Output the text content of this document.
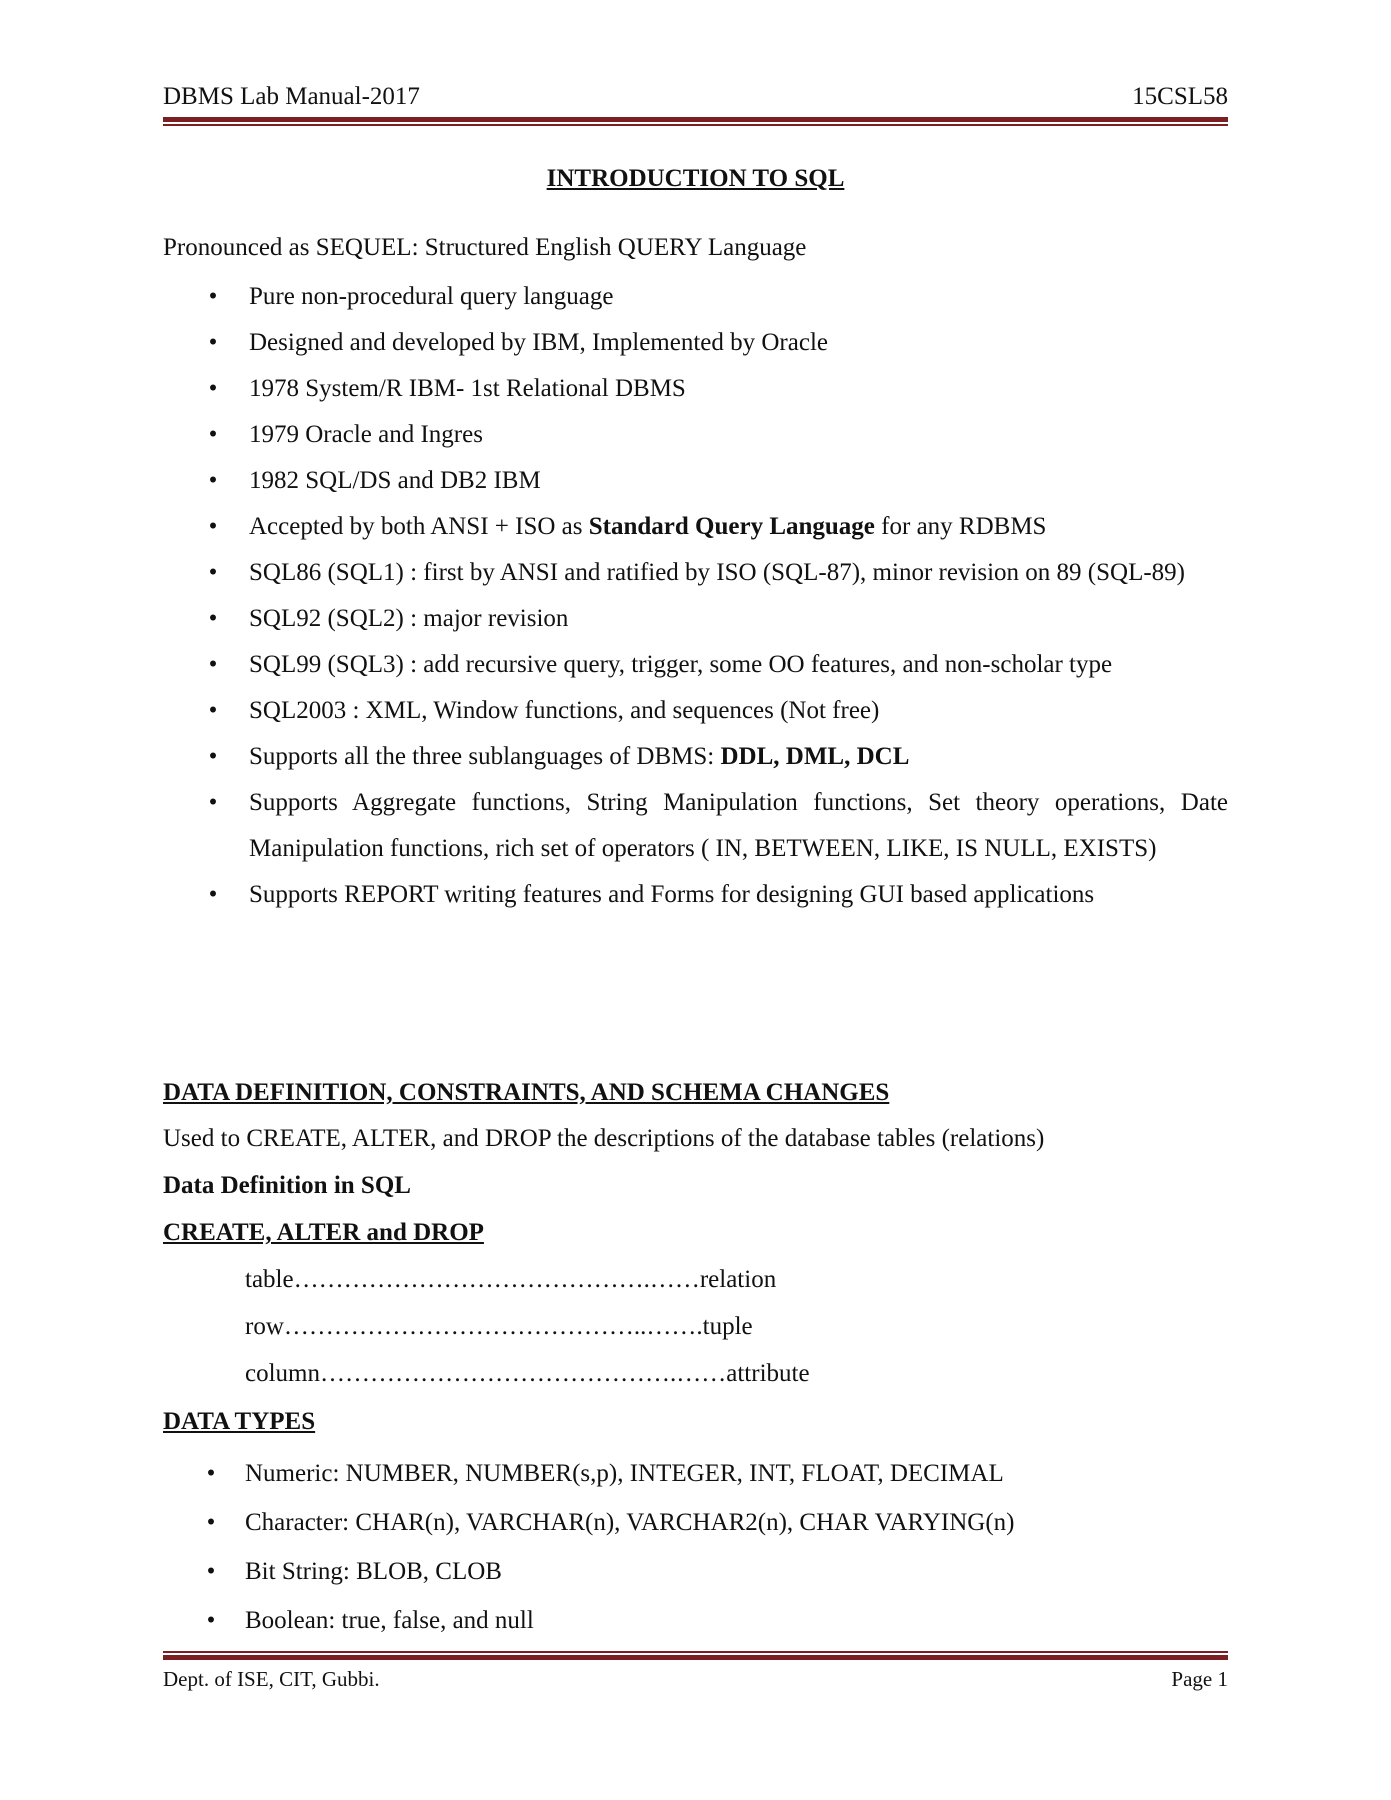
DBMS Lab Manual-2017	15CSL58
INTRODUCTION TO SQL
Pronounced as SEQUEL: Structured English QUERY Language
• Pure non-procedural query language
• Designed and developed by IBM, Implemented by Oracle
• 1978 System/R IBM- 1st Relational DBMS
• 1979 Oracle and Ingres
• 1982 SQL/DS and DB2 IBM
• Accepted by both ANSI + ISO as Standard Query Language for any RDBMS
• SQL86 (SQL1) : first by ANSI and ratified by ISO (SQL-87), minor revision on 89 (SQL-89)
• SQL92 (SQL2) : major revision
• SQL99 (SQL3) : add recursive query, trigger, some OO features, and non-scholar type
• SQL2003 : XML, Window functions, and sequences (Not free)
• Supports all the three sublanguages of DBMS: DDL, DML, DCL
• Supports Aggregate functions, String Manipulation functions, Set theory operations, Date Manipulation functions, rich set of operators ( IN, BETWEEN, LIKE, IS NULL, EXISTS)
• Supports REPORT writing features and Forms for designing GUI based applications
DATA DEFINITION, CONSTRAINTS, AND SCHEMA CHANGES
Used to CREATE, ALTER, and DROP the descriptions of the database tables (relations)
Data Definition in SQL
CREATE, ALTER and DROP
table…………………………………….……relation
row……………………………………..…….tuple
column…………………………………….……attribute
DATA TYPES
• Numeric: NUMBER, NUMBER(s,p), INTEGER, INT, FLOAT, DECIMAL
• Character: CHAR(n), VARCHAR(n), VARCHAR2(n), CHAR VARYING(n)
• Bit String: BLOB, CLOB
• Boolean: true, false, and null
Dept. of ISE, CIT, Gubbi.	Page 1
